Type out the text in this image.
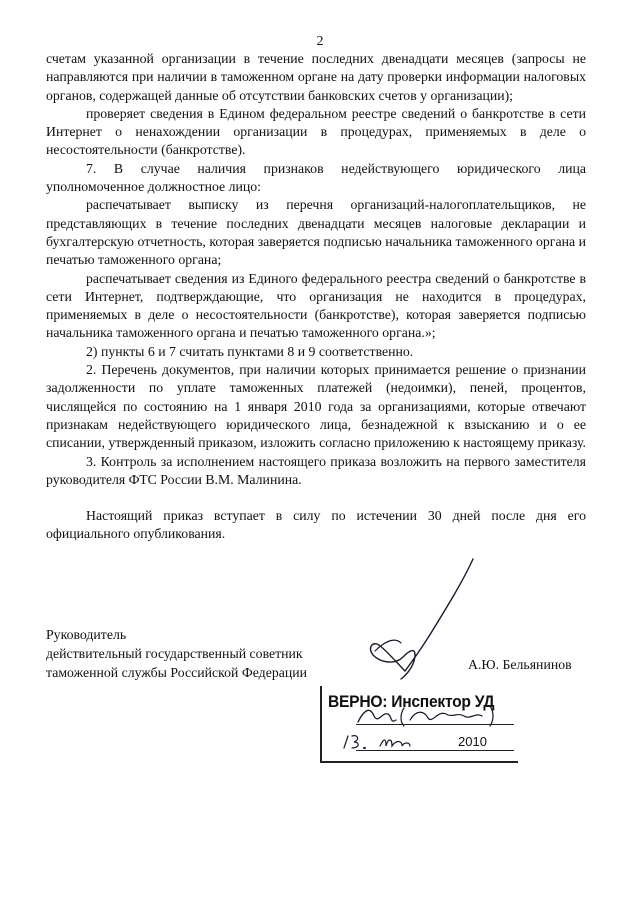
2

счетам указанной организации в течение последних двенадцати месяцев (запросы не направляются при наличии в таможенном органе на дату проверки информации налоговых органов, содержащей данные об отсутствии банковских счетов у организации);

проверяет сведения в Едином федеральном реестре сведений о банкротстве в сети Интернет о ненахождении организации в процедурах, применяемых в деле о несостоятельности (банкротстве).

7. В случае наличия признаков недействующего юридического лица уполномоченное должностное лицо:

распечатывает выписку из перечня организаций-налогоплательщиков, не представляющих в течение последних двенадцати месяцев налоговые декларации и бухгалтерскую отчетность, которая заверяется подписью начальника таможенного органа и печатью таможенного органа;

распечатывает сведения из Единого федерального реестра сведений о банкротстве в сети Интернет, подтверждающие, что организация не находится в процедурах, применяемых в деле о несостоятельности (банкротстве), которая заверяется подписью начальника таможенного органа и печатью таможенного органа.»;

2) пункты 6 и 7 считать пунктами 8 и 9 соответственно.

2. Перечень документов, при наличии которых принимается решение о признании задолженности по уплате таможенных платежей (недоимки), пеней, процентов, числящейся по состоянию на 1 января 2010 года за организациями, которые отвечают признакам недействующего юридического лица, безнадежной к взысканию и о ее списании, утвержденный приказом, изложить согласно приложению к настоящему приказу.

3. Контроль за исполнением настоящего приказа возложить на первого заместителя руководителя ФТС России В.М. Малинина.

Настоящий приказ вступает в силу по истечении 30 дней после дня его официального опубликования.

Руководитель
действительный государственный советник
таможенной службы Российской Федерации
А.Ю. Бельянинов
ВЕРНО: Инспектор УД
2010
